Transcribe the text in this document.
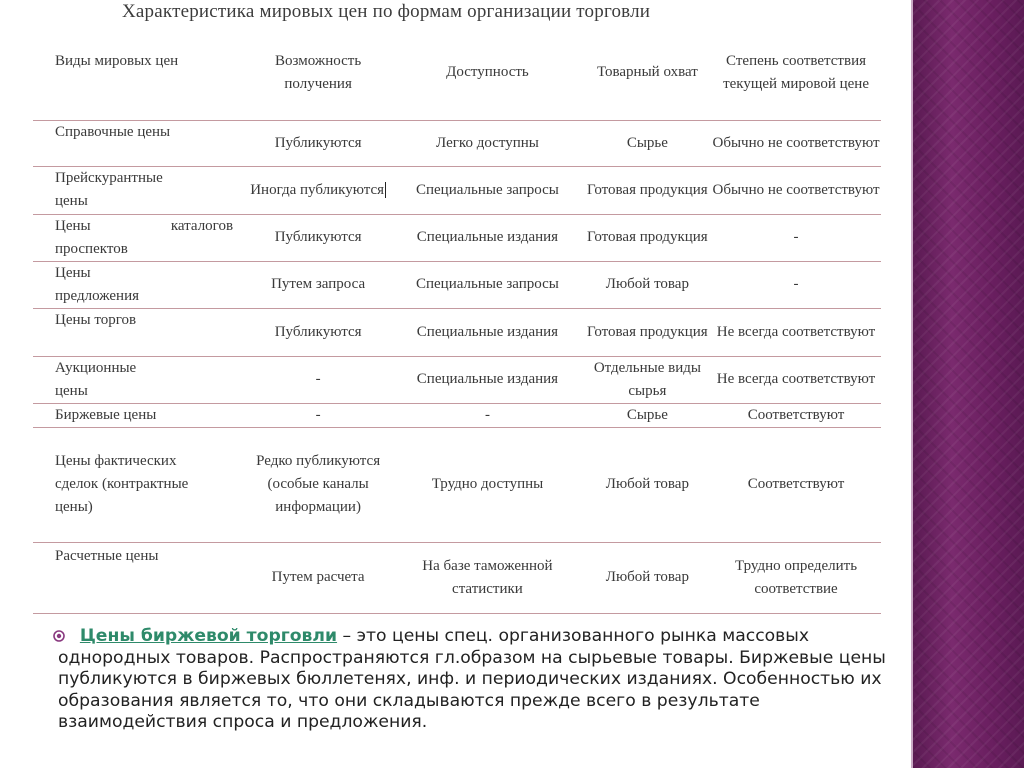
Характеристика мировых цен по формам организации торговли
Виды мировых цен	Возможность получения	Доступность	Товарный охват	Степень соответствия текущей мировой цене
Справочные цены	Публикуются	Легко доступны	Сырье	Обычно не соответствуют

Прейскурантные
цены	Иногда публикуются	Специальные запросы	Готовая продукция	Обычно не соответствуют

Цены каталогов
проспектов	Публикуются	Специальные издания	Готовая продукция	-

Цены
предложения	Путем запроса	Специальные запросы	Любой товар	-
Цены торгов	Публикуются	Специальные издания	Готовая продукция	Не всегда соответствуют

Аукционные
цены	-	Специальные издания	Отдельные виды сырья	Не всегда соответствуют
Биржевые цены	-	-	Сырье	Соответствуют
Цены фактических сделок (контрактные цены)	Редко публикуются (особые каналы информации)	Трудно доступны	Любой товар	Соответствуют
Расчетные цены	Путем расчета	На базе таможенной статистики	Любой товар	Трудно определить соответствие
Цены биржевой торговли – это цены спец. организованного рынка массовых однородных товаров. Распространяются гл.образом на сырьевые товары. Биржевые цены публикуются в биржевых бюллетенях, инф. и периодических изданиях. Особенностью их образования является то, что они складываются прежде всего в результате взаимодействия спроса и предложения.
